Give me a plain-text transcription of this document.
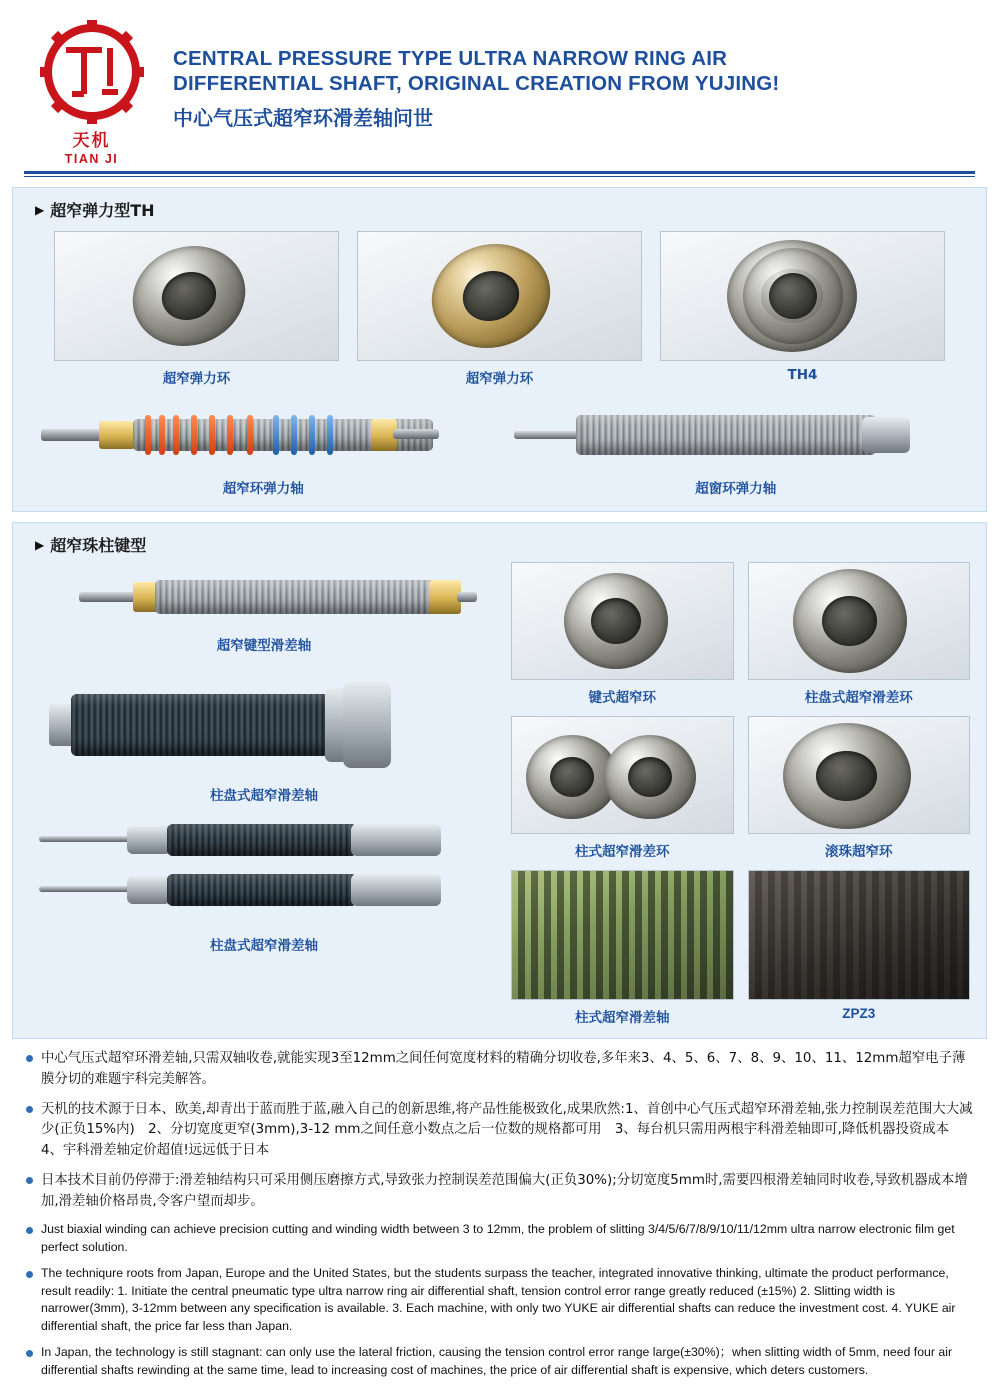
天机
TIAN JI
CENTRAL PRESSURE TYPE ULTRA NARROW RING AIR
DIFFERENTIAL SHAFT, ORIGINAL CREATION FROM YUJING!
中心气压式超窄环滑差轴问世
▶ 超窄弹力型TH
超窄弹力环	超窄弹力环	TH4
超窄环弹力轴	超窗环弹力轴
▶ 超窄珠柱键型
超窄键型滑差轴
柱盘式超窄滑差轴
柱盘式超窄滑差轴
键式超窄环	柱盘式超窄滑差环
柱式超窄滑差环	滚珠超窄环
柱式超窄滑差轴	ZPZ3
中心气压式超窄环滑差轴,只需双轴收卷,就能实现3至12mm之间任何宽度材料的精确分切收卷,多年来3、4、5、6、7、8、9、10、11、12mm超窄电子薄膜分切的难题宇科完美解答。
天机的技术源于日本、欧美,却青出于蓝而胜于蓝,融入自己的创新思维,将产品性能极致化,成果欣然:1、首创中心气压式超窄环滑差轴,张力控制误差范围大大减少(正负15%内)　2、分切宽度更窄(3mm),3-12 mm之间任意小数点之后一位数的规格都可用　3、每台机只需用两根宇科滑差轴即可,降低机器投资成本　4、宇科滑差轴定价超值!远远低于日本
日本技术目前仍停滞于:滑差轴结构只可采用侧压磨擦方式,导致张力控制误差范围偏大(正负30%);分切宽度5mm时,需要四根滑差轴同时收卷,导致机器成本增加,滑差轴价格昂贵,令客户望而却步。
Just biaxial winding can achieve precision cutting and winding width between 3 to 12mm, the problem of slitting 3/4/5/6/7/8/9/10/11/12mm ultra narrow electronic film get perfect solution.
The techniqure roots from Japan, Europe and the United States, but the students surpass the teacher, integrated innovative thinking, ultimate the product performance, result readily: 1. Initiate the central pneumatic type ultra narrow ring air differential shaft, tension control error range greatly reduced (±15%) 2. Slitting width is narrower(3mm), 3-12mm between any specification is available. 3. Each machine, with only two YUKE air differential shafts can reduce the investment cost. 4. YUKE air differential shaft, the price far less than Japan.
In Japan, the technology is still stagnant: can only use the lateral friction, causing the tension control error range large(±30%)；when slitting width of 5mm, need four air differential shafts rewinding at the same time, lead to increasing cost of machines, the price of air differential shaft is expensive, which deters customers.
